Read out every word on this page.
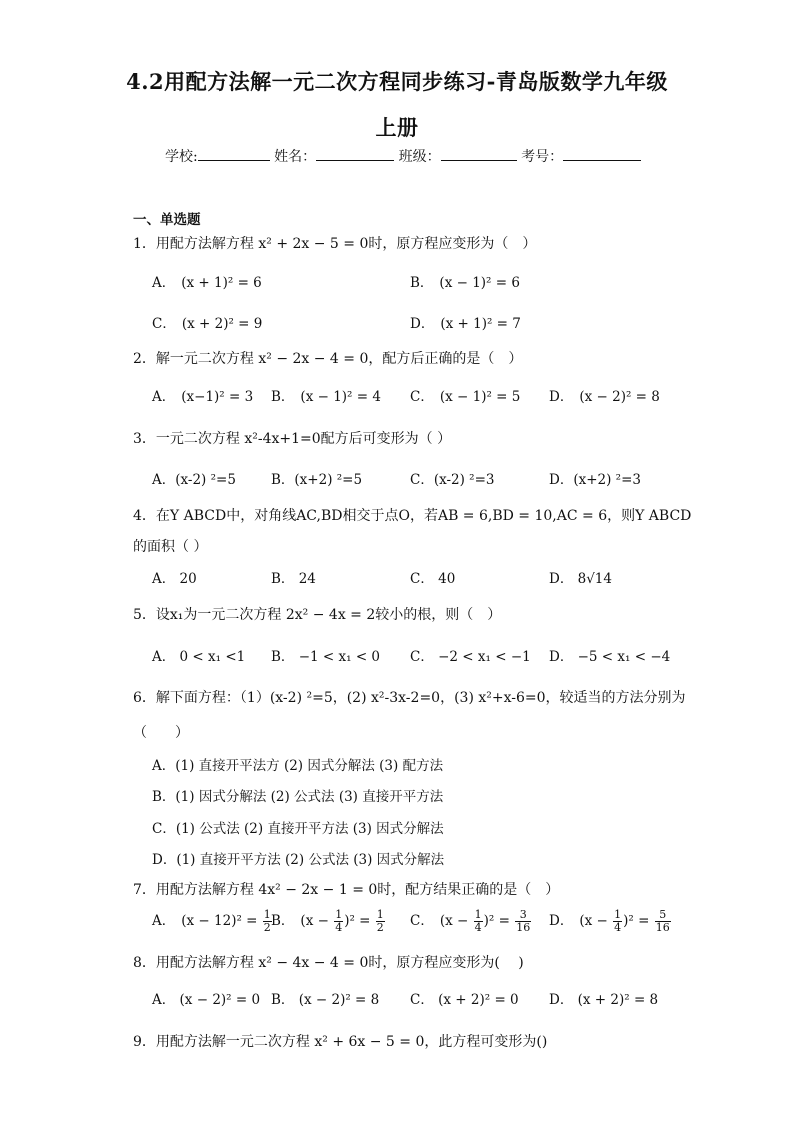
4.2用配方法解一元二次方程同步练习-青岛版数学九年级
上册
学校:	姓名：	班级：	考号：
一、单选题
1．用配方法解方程 x² + 2x − 5 = 0时，原方程应变形为（　）
A． (x + 1)² = 6	B． (x − 1)² = 6
C． (x + 2)² = 9	D． (x + 1)² = 7
2．解一元二次方程 x² − 2x − 4 = 0，配方后正确的是（　）
A． (x−1)² = 3 B． (x − 1)² = 4 C． (x − 1)² = 5 D． (x − 2)² = 8
3．一元二次方程 x²-4x+1=0配方后可变形为（ ）
A．(x-2) ²=5	B．(x+2) ²=5	C．(x-2) ²=3	D．(x+2) ²=3
4．在Y ABCD中，对角线AC,BD相交于点O，若AB = 6,BD = 10,AC = 6，则Y ABCD
的面积（ ）
A． 20	B． 24	C． 40	D． 8√14
5．设x₁为一元二次方程 2x² − 4x = 2较小的根，则（　）
A． 0 < x₁ <1 B． −1 < x₁ < 0 C． −2 < x₁ < −1 D． −5 < x₁ < −4
6．解下面方程：（1）(x-2) ²=5，(2) x²-3x-2=0，(3) x²+x-6=0，较适当的方法分别为
（　　）
A．(1) 直接开平法方 (2) 因式分解法 (3) 配方法
B．(1) 因式分解法 (2) 公式法 (3) 直接开平方法
C．(1) 公式法 (2) 直接开平方法 (3) 因式分解法
D．(1) 直接开平方法 (2) 公式法 (3) 因式分解法
7．用配方法解方程 4x² − 2x − 1 = 0时，配方结果正确的是（　）
A． $(x - 12)^2 = \frac{1}{2}$ B． $(x - \frac{1}{4} )^2 = \frac{1}{2}$ C． $(x - \frac{1}{4} )^2 = \frac{3}{16}$ D． $(x - \frac{1}{4} )^2 = \frac{5}{16}$
8．用配方法解方程 x² − 4x − 4 = 0时，原方程应变形为(　 )
A． (x − 2)² = 0 B． (x − 2)² = 8 C． (x + 2)² = 0 D． (x + 2)² = 8
9．用配方法解一元二次方程 x² + 6x − 5 = 0，此方程可变形为()
